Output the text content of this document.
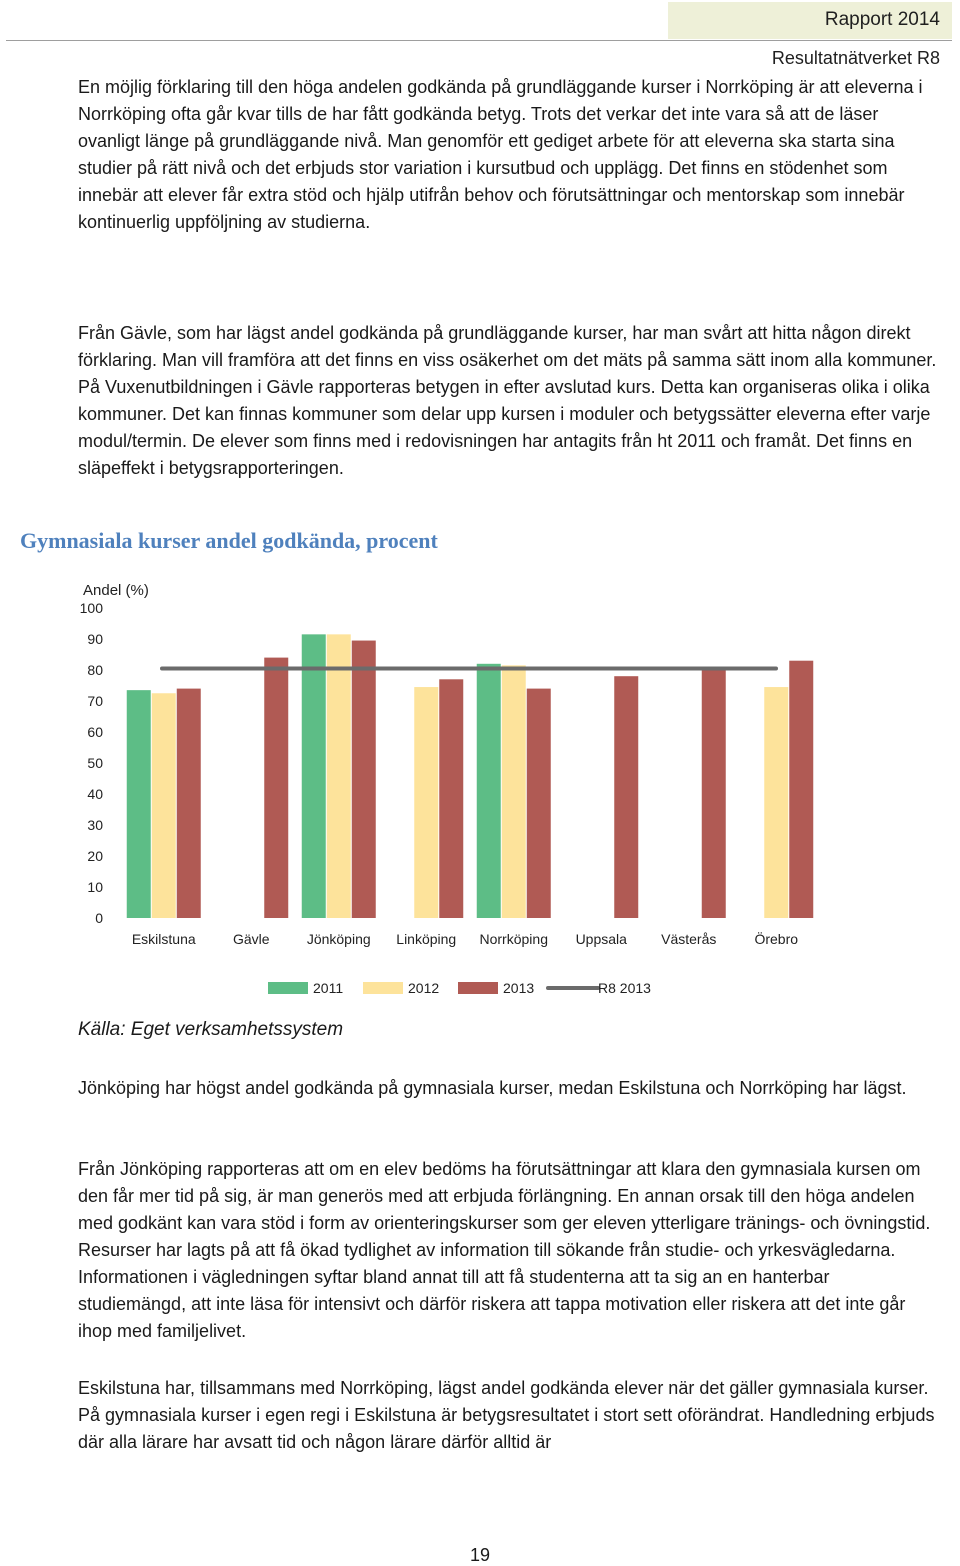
Rapport 2014
Resultatnätverket R8

En möjlig förklaring till den höga andelen godkända på grundläggande kurser i Norrköping är att eleverna i Norrköping ofta går kvar tills de har fått godkända betyg. Trots det verkar det inte vara så att de läser ovanligt länge på grundläggande nivå. Man genomför ett gediget arbete för att eleverna ska starta sina studier på rätt nivå och det erbjuds stor variation i kursutbud och upplägg. Det finns en stödenhet som innebär att elever får extra stöd och hjälp utifrån behov och förutsättningar och mentorskap som innebär kontinuerlig uppföljning av studierna.

Från Gävle, som har lägst andel godkända på grundläggande kurser, har man svårt att hitta någon direkt förklaring. Man vill framföra att det finns en viss osäkerhet om det mäts på samma sätt inom alla kommuner. På Vuxenutbildningen i Gävle rapporteras betygen in efter avslutad kurs. Detta kan organiseras olika i olika kommuner. Det kan finnas kommuner som delar upp kursen i moduler och betygssätter eleverna efter varje modul/termin. De elever som finns med i redovisningen har antagits från ht 2011 och framåt. Det finns en släpeffekt i betygsrapporteringen.

Gymnasiala kurser andel godkända, procent
Andel (%)
0
10
20
30
40
50
60
70
80
90
100
Eskilstuna	Gävle	Jönköping Linköping Norrköping Uppsala Västerås	Örebro
2011	2012	2013	R8 2013
Källa: Eget verksamhetssystem

Jönköping har högst andel godkända på gymnasiala kurser, medan Eskilstuna och Norrköping har lägst.

Från Jönköping rapporteras att om en elev bedöms ha förutsättningar att klara den gymnasiala kursen om den får mer tid på sig, är man generös med att erbjuda förlängning. En annan orsak till den höga andelen med godkänt kan vara stöd i form av orienteringskurser som ger eleven ytterligare tränings- och övningstid. Resurser har lagts på att få ökad tydlighet av information till sökande från studie- och yrkesvägledarna. Informationen i vägledningen syftar bland annat till att få studenterna att ta sig an en hanterbar studiemängd, att inte läsa för intensivt och därför riskera att tappa motivation eller riskera att det inte går ihop med familjelivet.

Eskilstuna har, tillsammans med Norrköping, lägst andel godkända elever när det gäller gymnasiala kurser. På gymnasiala kurser i egen regi i Eskilstuna är betygsresultatet i stort sett oförändrat. Handledning erbjuds där alla lärare har avsatt tid och någon lärare därför alltid är

19
